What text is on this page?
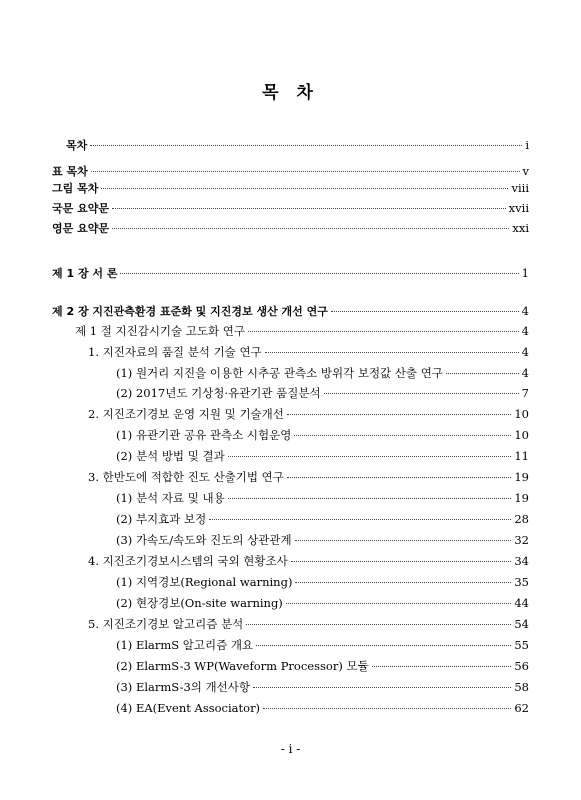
목 차
목차	i
표 목차	v
그림 목차	viii
국문 요약문	xvii
영문 요약문	xxi
제 1 장 서 론	1
제 2 장 지진관측환경 표준화 및 지진경보 생산 개선 연구	4
제 1 절 지진감시기술 고도화 연구	4
1. 지진자료의 품질 분석 기술 연구	4
(1) 원거리 지진을 이용한 시추공 관측소 방위각 보정값 산출 연구	4
(2) 2017년도 기상청·유관기관 품질분석	7
2. 지진조기경보 운영 지원 및 기술개선	10
(1) 유관기관 공유 관측소 시험운영	10
(2) 분석 방법 및 결과	11
3. 한반도에 적합한 진도 산출기법 연구	19
(1) 분석 자료 및 내용	19
(2) 부지효과 보정	28
(3) 가속도/속도와 진도의 상관관계	32
4. 지진조기경보시스템의 국외 현황조사	34
(1) 지역경보(Regional warning)	35
(2) 현장경보(On-site warning)	44
5. 지진조기경보 알고리즘 분석	54
(1) ElarmS 알고리즘 개요	55
(2) ElarmS-3 WP(Waveform Processor) 모듈	56
(3) ElarmS-3의 개선사항	58
(4) EA(Event Associator)	62
- i -
